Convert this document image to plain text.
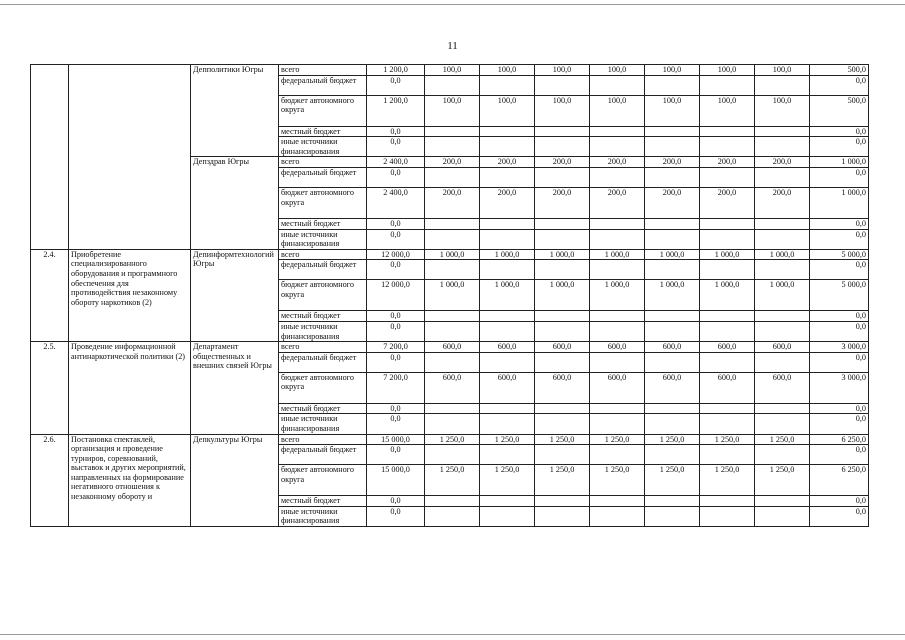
11
		Депполитики Югры	всего	1 200,0	100,0	100,0	100,0	100,0	100,0	100,0	100,0	500,0
			федеральный бюджет	0,0								0,0
			бюджет автономного округа	1 200,0	100,0	100,0	100,0	100,0	100,0	100,0	100,0	500,0
			местный бюджет	0,0								0,0
			иные источники финансирования	0,0								0,0
		Депздрав Югры	всего	2 400,0	200,0	200,0	200,0	200,0	200,0	200,0	200,0	1 000,0
			федеральный бюджет	0,0								0,0
			бюджет автономного округа	2 400,0	200,0	200,0	200,0	200,0	200,0	200,0	200,0	1 000,0
			местный бюджет	0,0								0,0
			иные источники финансирования	0,0								0,0
2.4.	Приобретение специализированного оборудования и программного обеспечения для противодействия незаконному обороту наркотиков (2)	Депинформтехнологий Югры	всего	12 000,0	1 000,0	1 000,0	1 000,0	1 000,0	1 000,0	1 000,0	1 000,0	5 000,0
			федеральный бюджет	0,0								0,0
			бюджет автономного округа	12 000,0	1 000,0	1 000,0	1 000,0	1 000,0	1 000,0	1 000,0	1 000,0	5 000,0
			местный бюджет	0,0								0,0
			иные источники финансирования	0,0								0,0
2.5.	Проведение информационной антинаркотической политики (2)	Департамент общественных и внешних связей Югры	всего	7 200,0	600,0	600,0	600,0	600,0	600,0	600,0	600,0	3 000,0
			федеральный бюджет	0,0								0,0
			бюджет автономного округа	7 200,0	600,0	600,0	600,0	600,0	600,0	600,0	600,0	3 000,0
			местный бюджет	0,0								0,0
			иные источники финансирования	0,0								0,0
2.6.	Постановка спектаклей, организация и проведение турниров, соревнований, выставок и других мероприятий, направленных на формирование негативного отношения к незаконному обороту и	Депкультуры Югры	всего	15 000,0	1 250,0	1 250,0	1 250,0	1 250,0	1 250,0	1 250,0	1 250,0	6 250,0
			федеральный бюджет	0,0								0,0
			бюджет автономного округа	15 000,0	1 250,0	1 250,0	1 250,0	1 250,0	1 250,0	1 250,0	1 250,0	6 250,0
			местный бюджет	0,0								0,0
			иные источники финансирования	0,0								0,0
